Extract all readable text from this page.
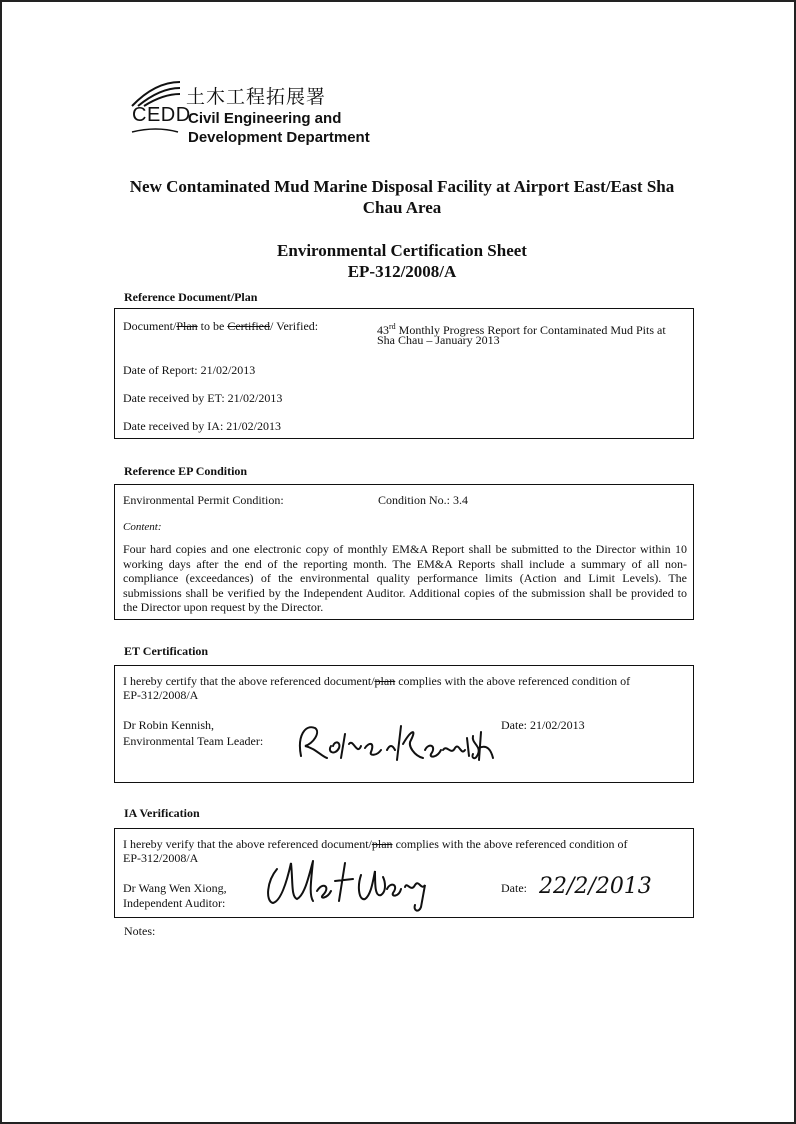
土木工程拓展署
CEDD
Civil Engineering and
Development Department
New Contaminated Mud Marine Disposal Facility at Airport East/East Sha
Chau Area
Environmental Certification Sheet
EP-312/2008/A
Reference Document/Plan
Document/Plan to be Certified/ Verified:	43rd Monthly Progress Report for Contaminated Mud Pits at
Sha Chau – January 2013
Date of Report: 21/02/2013
Date received by ET: 21/02/2013
Date received by IA: 21/02/2013
Reference EP Condition
Environmental Permit Condition:	Condition No.: 3.4
Content:
Four hard copies and one electronic copy of monthly EM&A Report shall be submitted to the Director within 10 working days after the end of the reporting month. The EM&A Reports shall include a summary of all non-compliance (exceedances) of the environmental quality performance limits (Action and Limit Levels). The submissions shall be verified by the Independent Auditor. Additional copies of the submission shall be provided to the Director upon request by the Director.
ET Certification
I hereby certify that the above referenced document/plan complies with the above referenced condition of
EP-312/2008/A
Dr Robin Kennish,
Environmental Team Leader:
Date: 21/02/2013
IA Verification
I hereby verify that the above referenced document/plan complies with the above referenced condition of
EP-312/2008/A
Dr Wang Wen Xiong,
Independent Auditor:
Date: 22/2/2013
Notes:
